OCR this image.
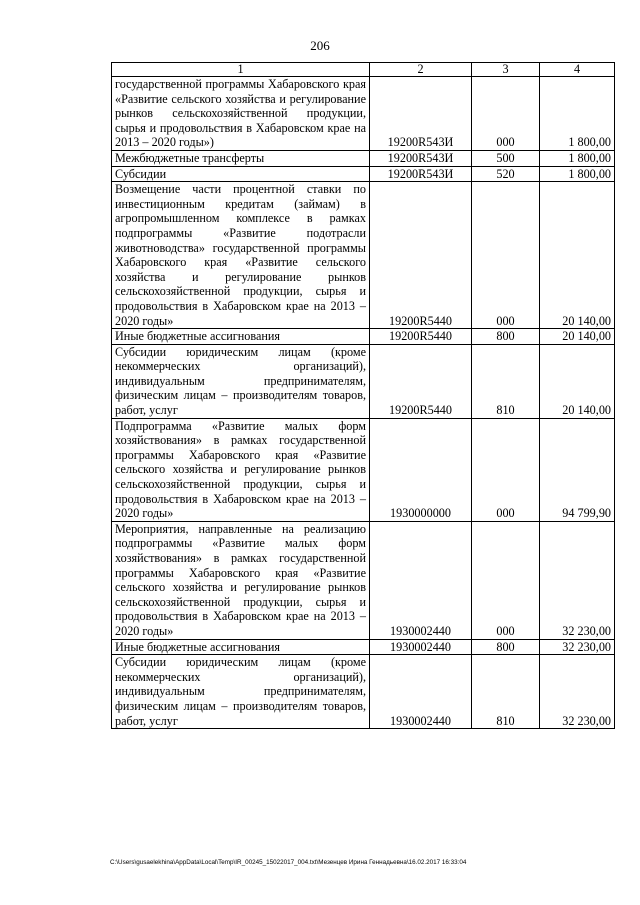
206
1	2	3	4
государственной программы Хабаровского края «Развитие сельского хозяйства и регулирование рынков сельскохозяйственной продукции, сырья и продовольствия в Хабаровском крае на 2013 – 2020 годы»)	19200R543И	000	1 800,00
Межбюджетные трансферты	19200R543И	500	1 800,00
Субсидии	19200R543И	520	1 800,00
Возмещение части процентной ставки по инвестиционным кредитам (займам) в агропромышленном комплексе в рамках подпрограммы «Развитие подотрасли животноводства» государственной программы Хабаровского края «Развитие сельского хозяйства и регулирование рынков сельскохозяйственной продукции, сырья и продовольствия в Хабаровском крае на 2013 – 2020 годы»	19200R5440	000	20 140,00
Иные бюджетные ассигнования	19200R5440	800	20 140,00
Субсидии юридическим лицам (кроме некоммерческих организаций), индивидуальным предпринимателям, физическим лицам – производителям товаров, работ, услуг	19200R5440	810	20 140,00
Подпрограмма «Развитие малых форм хозяйствования» в рамках государственной программы Хабаровского края «Развитие сельского хозяйства и регулирование рынков сельскохозяйственной продукции, сырья и продовольствия в Хабаровском крае на 2013 – 2020 годы»	1930000000	000	94 799,90
Мероприятия, направленные на реализацию подпрограммы «Развитие малых форм хозяйствования» в рамках государственной программы Хабаровского края «Развитие сельского хозяйства и регулирование рынков сельскохозяйственной продукции, сырья и продовольствия в Хабаровском крае на 2013 – 2020 годы»	1930002440	000	32 230,00
Иные бюджетные ассигнования	1930002440	800	32 230,00
Субсидии юридическим лицам (кроме некоммерческих организаций), индивидуальным предпринимателям, физическим лицам – производителям товаров, работ, услуг	1930002440	810	32 230,00
C:\Users\gusaelekhina\AppData\Local\Temp\IR_00245_15022017_004.txt\Мезенцев Ирина Геннадьевна\16.02.2017 16:33:04
